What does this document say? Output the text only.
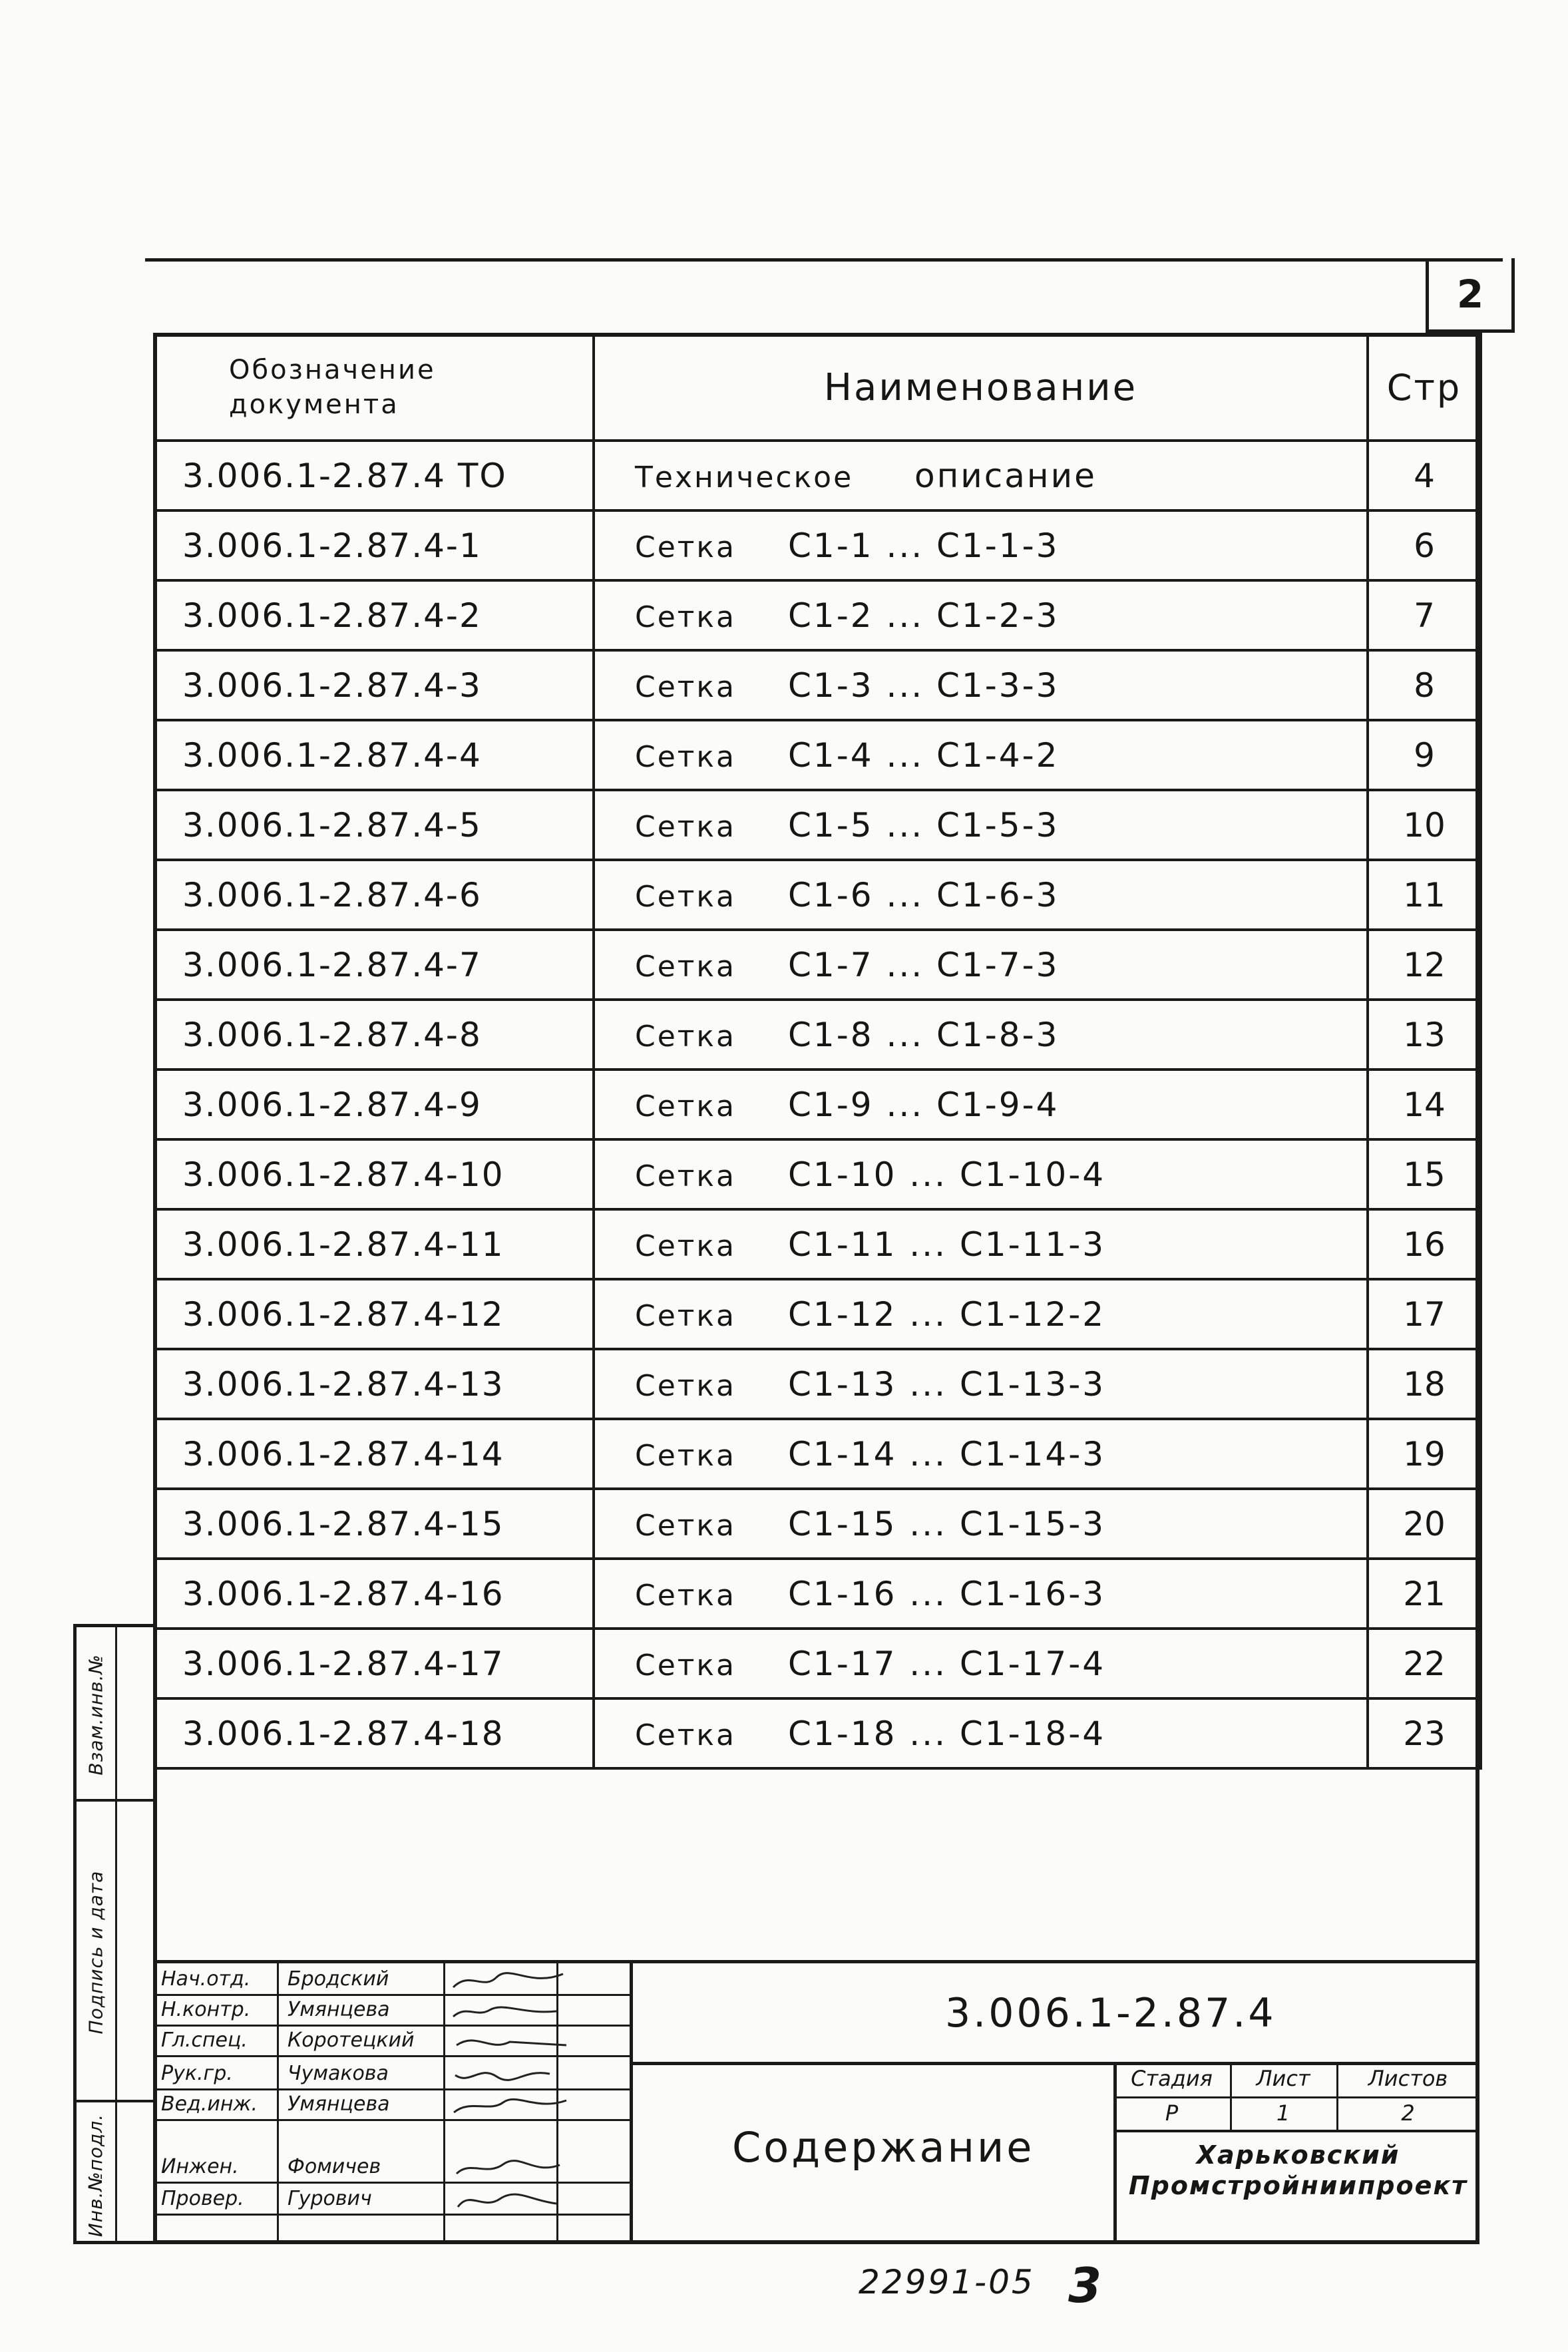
2
Обозначение документа	Наименование	Стр
3.006.1-2.87.4 ТО	Техническое описание	4
3.006.1-2.87.4-1	Сетка С1-1 ... С1-1-3	6
3.006.1-2.87.4-2	Сетка С1-2 ... С1-2-3	7
3.006.1-2.87.4-3	Сетка С1-3 ... С1-3-3	8
3.006.1-2.87.4-4	Сетка С1-4 ... С1-4-2	9
3.006.1-2.87.4-5	Сетка С1-5 ... С1-5-3	10
3.006.1-2.87.4-6	Сетка С1-6 ... С1-6-3	11
3.006.1-2.87.4-7	Сетка С1-7 ... С1-7-3	12
3.006.1-2.87.4-8	Сетка С1-8 ... С1-8-3	13
3.006.1-2.87.4-9	Сетка С1-9 ... С1-9-4	14
3.006.1-2.87.4-10	Сетка С1-10 ... С1-10-4	15
3.006.1-2.87.4-11	Сетка С1-11 ... С1-11-3	16
3.006.1-2.87.4-12	Сетка С1-12 ... С1-12-2	17
3.006.1-2.87.4-13	Сетка С1-13 ... С1-13-3	18
3.006.1-2.87.4-14	Сетка С1-14 ... С1-14-3	19
3.006.1-2.87.4-15	Сетка С1-15 ... С1-15-3	20
3.006.1-2.87.4-16	Сетка С1-16 ... С1-16-3	21
3.006.1-2.87.4-17	Сетка С1-17 ... С1-17-4	22
3.006.1-2.87.4-18	Сетка С1-18 ... С1-18-4	23
Взам.инв.№
Подпись и дата
Инв.№подл.
Нач.отд. Бродский
Н.контр. Умянцева
Гл.спец. Коротецкий
Рук.гр.	Чумакова
Вед.инж. Умянцева
Инжен. Фомичев
Провер. Гурович
3.006.1-2.87.4
Содержание
Стадия	Лист	Листов
Р	1	2
Харьковский
Промстройниипроект
22991-05 3
